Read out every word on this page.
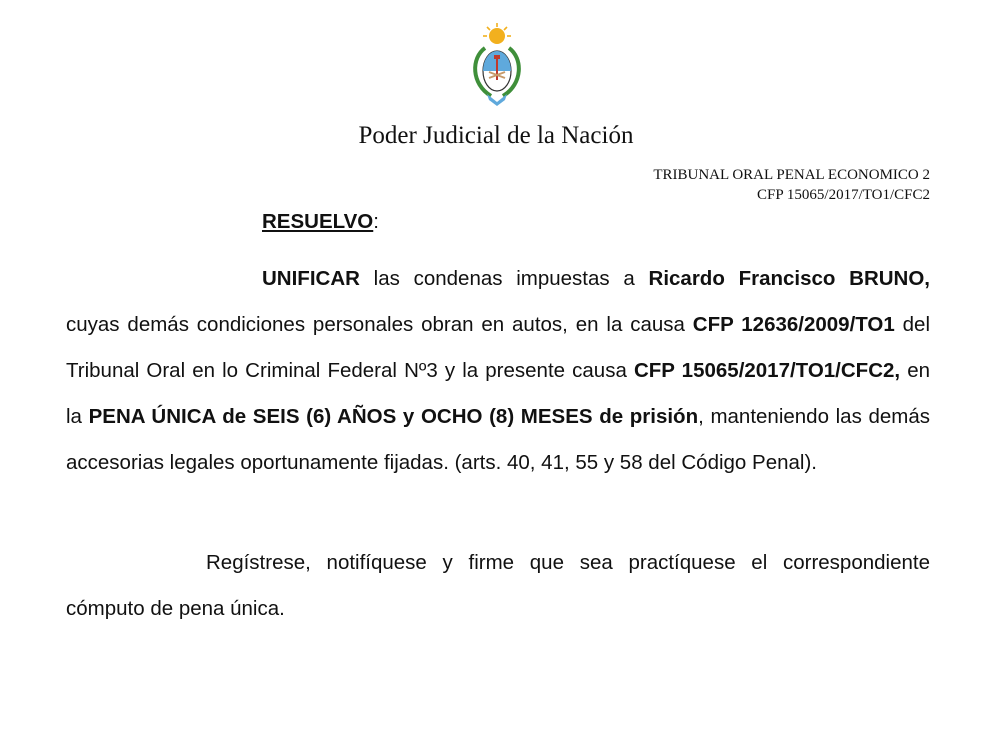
Poder Judicial de la Nación
TRIBUNAL ORAL PENAL ECONOMICO 2
CFP 15065/2017/TO1/CFC2
RESUELVO:

UNIFICAR las condenas impuestas a Ricardo Francisco BRUNO, cuyas demás condiciones personales obran en autos, en la causa CFP 12636/2009/TO1 del Tribunal Oral en lo Criminal Federal Nº3 y la presente causa CFP 15065/2017/TO1/CFC2, en la PENA ÚNICA de SEIS (6) AÑOS y OCHO (8) MESES de prisión, manteniendo las demás accesorias legales oportunamente fijadas. (arts. 40, 41, 55 y 58 del Código Penal).

Regístrese, notifíquese y firme que sea practíquese el correspondiente cómputo de pena única.
